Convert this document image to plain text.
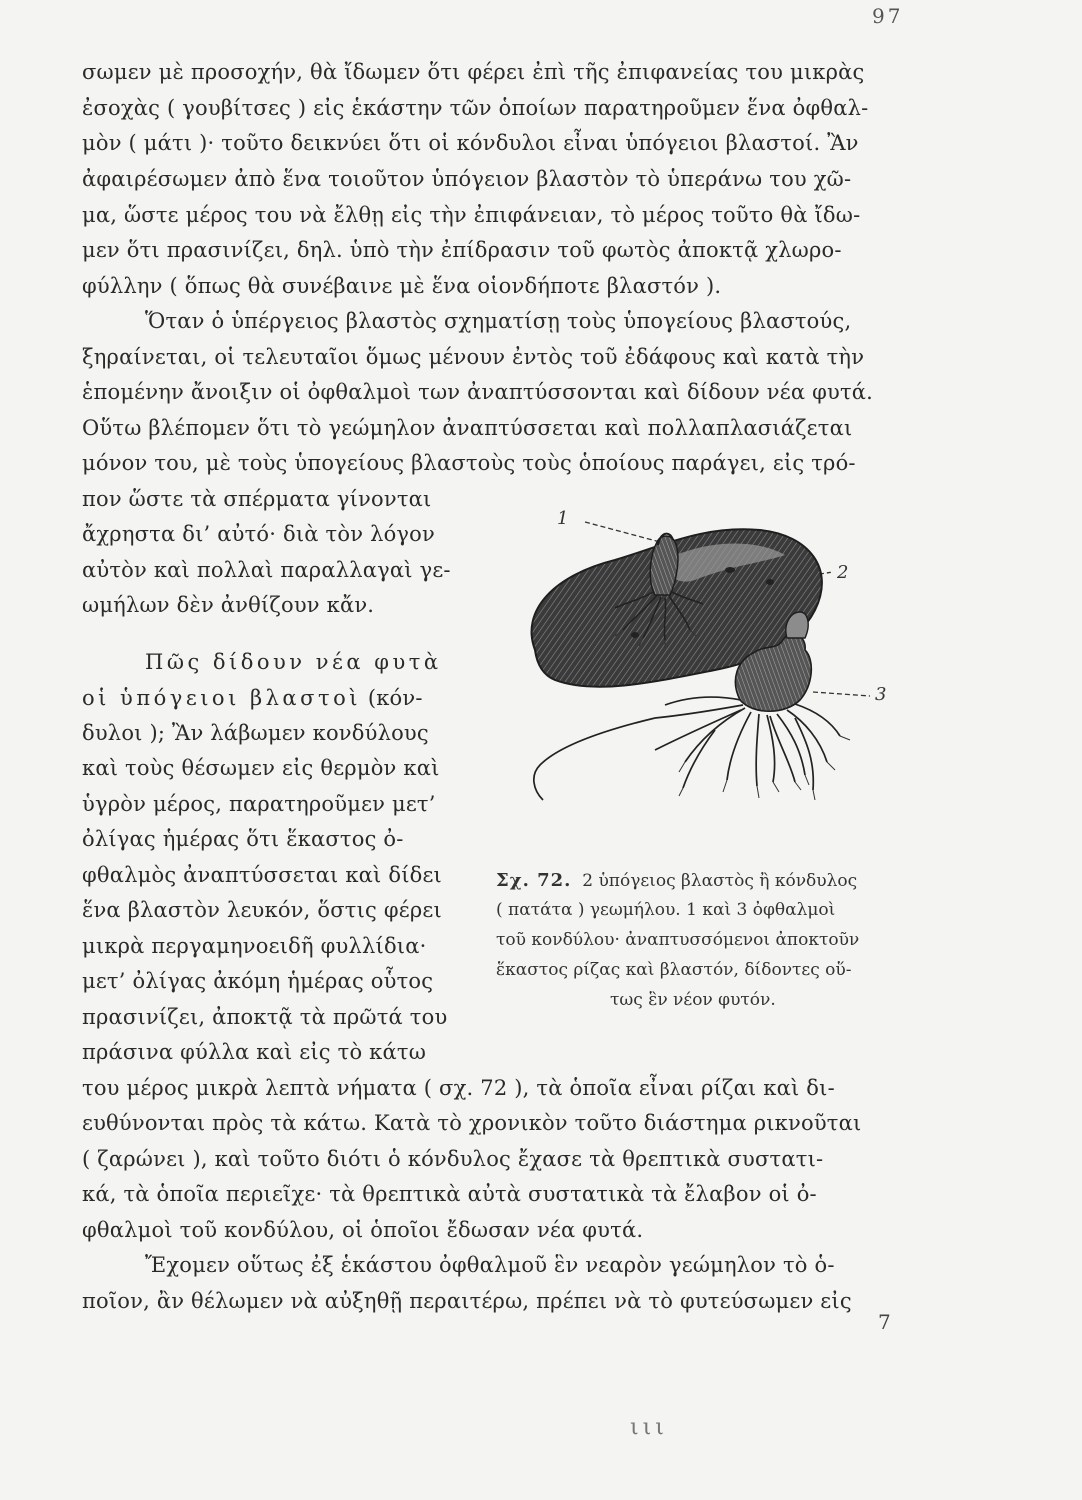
97
σωμεν μὲ προσοχήν, θὰ ἴδωμεν ὅτι φέρει ἐπὶ τῆς ἐπιφανείας του μικρὰς
ἐσοχὰς ( γουβίτσες ) εἰς ἑκάστην τῶν ὁποίων παρατηροῦμεν ἕνα ὀφθαλ-
μὸν ( μάτι )· τοῦτο δεικνύει ὅτι οἱ κόνδυλοι εἶναι ὑπόγειοι βλαστοί. Ἂν
ἀφαιρέσωμεν ἀπὸ ἕνα τοιοῦτον ὑπόγειον βλαστὸν τὸ ὑπεράνω του χῶ-
μα, ὥστε μέρος του νὰ ἔλθῃ εἰς τὴν ἐπιφάνειαν, τὸ μέρος τοῦτο θὰ ἴδω-
μεν ὅτι πρασινίζει, δηλ. ὑπὸ τὴν ἐπίδρασιν τοῦ φωτὸς ἀποκτᾷ χλωρο-
φύλλην ( ὅπως θὰ συνέβαινε μὲ ἕνα οἱονδήποτε βλαστόν ).
Ὅταν ὁ ὑπέργειος βλαστὸς σχηματίσῃ τοὺς ὑπογείους βλαστούς,
ξηραίνεται, οἱ τελευταῖοι ὅμως μένουν ἐντὸς τοῦ ἐδάφους καὶ κατὰ τὴν
ἑπομένην ἄνοιξιν οἱ ὀφθαλμοὶ των ἀναπτύσσονται καὶ δίδουν νέα φυτά.
Οὕτω βλέπομεν ὅτι τὸ γεώμηλον ἀναπτύσσεται καὶ πολλαπλασιάζεται
μόνον του, μὲ τοὺς ὑπογείους βλαστοὺς τοὺς ὁποίους παράγει, εἰς τρό-
πον ὥστε τὰ σπέρματα γίνονται
ἄχρηστα δι’ αὐτό· διὰ τὸν λόγον
αὐτὸν καὶ πολλαὶ παραλλαγαὶ γε-
ωμήλων δὲν ἀνθίζουν κἄν.
Πῶς δίδουν νέα φυτὰ
οἱ ὑπόγειοι βλαστοὶ (κόν-
δυλοι ); Ἂν λάβωμεν κονδύλους
καὶ τοὺς θέσωμεν εἰς θερμὸν καὶ
ὑγρὸν μέρος, παρατηροῦμεν μετ’
ὀλίγας ἡμέρας ὅτι ἕκαστος ὀ-
φθαλμὸς ἀναπτύσσεται καὶ δίδει
ἕνα βλαστὸν λευκόν, ὅστις φέρει
μικρὰ περγαμηνοειδῆ φυλλίδια·
μετ’ ὀλίγας ἀκόμη ἡμέρας οὗτος
πρασινίζει, ἀποκτᾷ τὰ πρῶτά του
πράσινα φύλλα καὶ εἰς τὸ κάτω
του μέρος μικρὰ λεπτὰ νήματα ( σχ. 72 ), τὰ ὁποῖα εἶναι ρίζαι καὶ δι-
ευθύνονται πρὸς τὰ κάτω. Κατὰ τὸ χρονικὸν τοῦτο διάστημα ρικνοῦται
( ζαρώνει ), καὶ τοῦτο διότι ὁ κόνδυλος ἔχασε τὰ θρεπτικὰ συστατι-
κά, τὰ ὁποῖα περιεῖχε· τὰ θρεπτικὰ αὐτὰ συστατικὰ τὰ ἔλαβον οἱ ὀ-
φθαλμοὶ τοῦ κονδύλου, οἱ ὁποῖοι ἔδωσαν νέα φυτά.
Ἔχομεν οὕτως ἐξ ἑκάστου ὀφθαλμοῦ ἓν νεαρὸν γεώμηλον τὸ ὁ-
ποῖον, ἂν θέλωμεν νὰ αὐξηθῇ περαιτέρω, πρέπει νὰ τὸ φυτεύσωμεν εἰς
1
2
3
Σχ. 72. 2 ὑπόγειος βλαστὸς ἢ κόνδυλος
( πατάτα ) γεωμήλου. 1 καὶ 3 ὀφθαλμοὶ
τοῦ κονδύλου· ἀναπτυσσόμενοι ἀποκτοῦν
ἕκαστος ρίζας καὶ βλαστόν, δίδοντες οὕ-
τως ἓν νέον φυτόν.
7
ιιι
